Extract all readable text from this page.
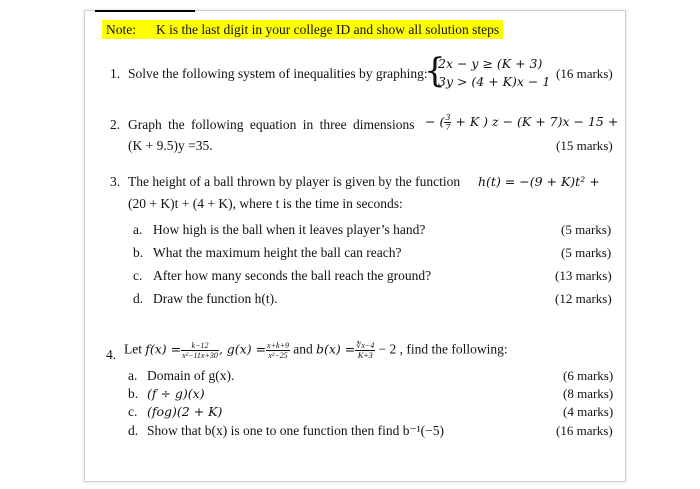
Note: K is the last digit in your college ID and show all solution steps
1. Solve the following system of inequalities by graphing:
{
2x − y ≥ (K + 3)
3y > (4 + K)x − 1
(16 marks)
2. Graph the following equation in three dimensions − ( $\frac{3}{7} + K$ ) z − (K + 7)x − 15 +
(K + 9.5)y =35.	(15 marks)
3. The height of a ball thrown by player is given by the function h(t) = −(9 + K)t² +
(20 + K)t + (4 + K), where t is the time in seconds:
a. How high is the ball when it leaves player’s hand?	(5 marks)
b. What the maximum height the ball can reach?	(5 marks)
c. After how many seconds the ball reach the ground?	(13 marks)
d. Draw the function h(t).	(12 marks)
4. Let $f(x) = \frac{k-12}{\text{x²−11x+30}}$ , $g(x) = \frac{x+k+9}{\text{x²−25}}$ and $b(x) = \frac{∜x-4}{K+3} - 2$ , find the following:
a. Domain of g(x).	(6 marks)
b. (f ÷ g)(x)	(8 marks)
c. (fog)(2 + K)	(4 marks)
d. Show that b(x) is one to one function then find b⁻¹(−5)	(16 marks)
